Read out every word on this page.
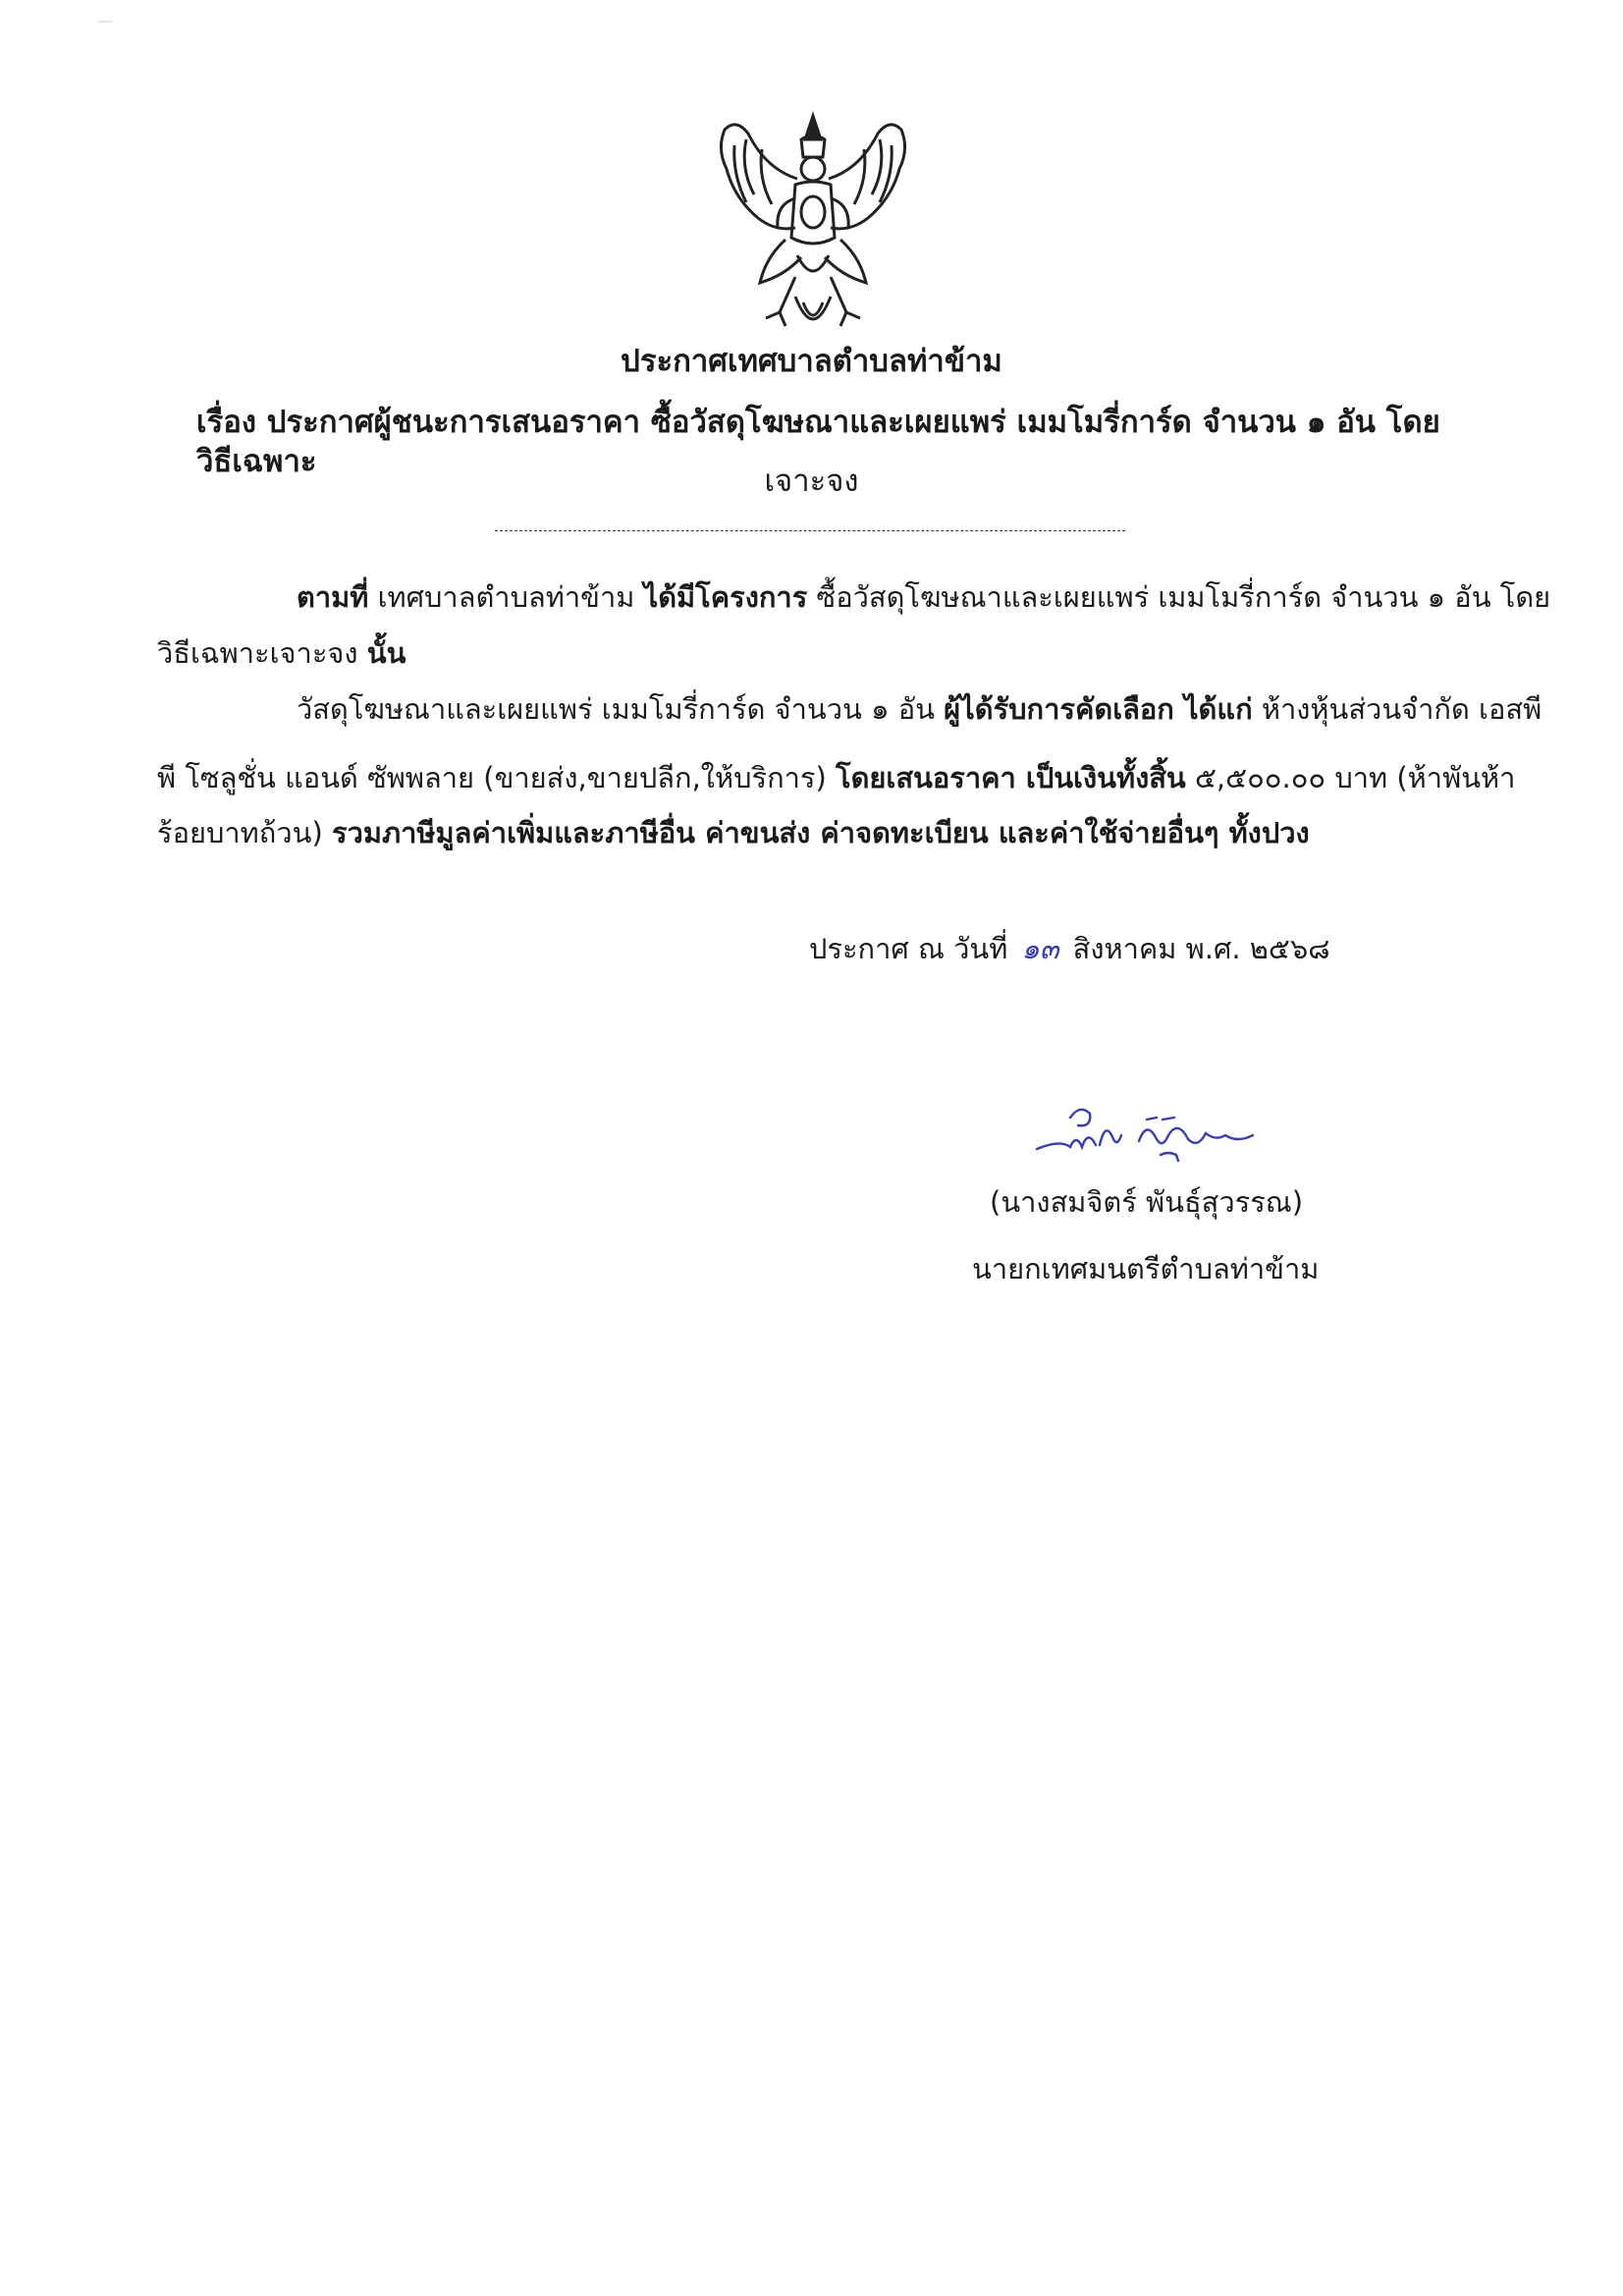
ประกาศเทศบาลตำบลท่าข้าม
เรื่อง ประกาศผู้ชนะการเสนอราคา ซื้อวัสดุโฆษณาและเผยแพร่ เมมโมรี่การ์ด จำนวน ๑ อัน โดยวิธีเฉพาะ
เจาะจง
ตามที่ เทศบาลตำบลท่าข้าม ได้มีโครงการ ซื้อวัสดุโฆษณาและเผยแพร่ เมมโมรี่การ์ด จำนวน ๑ อัน โดย
วิธีเฉพาะเจาะจง นั้น
วัสดุโฆษณาและเผยแพร่ เมมโมรี่การ์ด จำนวน ๑ อัน ผู้ได้รับการคัดเลือก ได้แก่ ห้างหุ้นส่วนจำกัด เอสพี
พี โซลูชั่น แอนด์ ซัพพลาย (ขายส่ง,ขายปลีก,ให้บริการ) โดยเสนอราคา เป็นเงินทั้งสิ้น ๕,๕๐๐.๐๐ บาท (ห้าพันห้า
ร้อยบาทถ้วน) รวมภาษีมูลค่าเพิ่มและภาษีอื่น ค่าขนส่ง ค่าจดทะเบียน และค่าใช้จ่ายอื่นๆ ทั้งปวง
ประกาศ ณ วันที่ ๑๓ สิงหาคม พ.ศ. ๒๕๖๘
(นางสมจิตร์ พันธุ์สุวรรณ)
นายกเทศมนตรีตำบลท่าข้าม
